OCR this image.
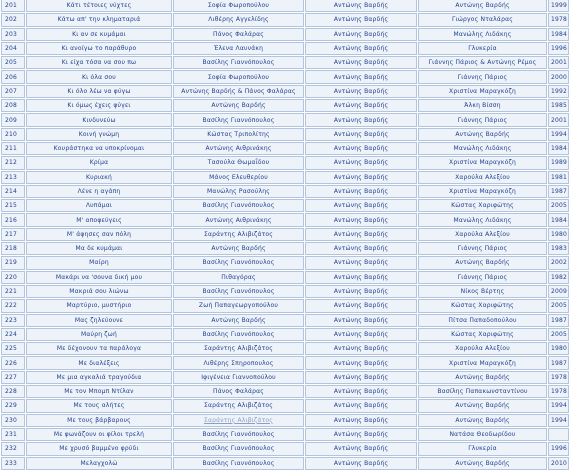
201	Κάτι τέτοιες νύχτες	Σοφία Φωροπούλου	Αντώνης Βαρδής	Αντώνης Βαρδής	1999
202	Κάτω απ' την κληματαριά	Λιθέρης Αγγελίδης	Αντώνης Βαρδής	Γιώργος Νταλάρας	1978
203	Κι αν σε κυμάμαι	Πάνος Φαλάρας	Αντώνης Βαρδής	Μανώλης Λιδάκης	1984
204	Κι ανοίγω το παράθυρο	Έλενα Λαυνάκη	Αντώνης Βαρδής	Γλυκερία	1996
205	Κι είχα τόσα να σου πω	Βασίλης Γιαννόπουλος	Αντώνης Βαρδής	Γιάννης Πάριος & Αντώνης Ρέμος	2001
206	Κι όλα σου	Σοφία Φωροπούλου	Αντώνης Βαρδής	Γιάννης Πάριος	2000
207	Κι όλο λέω να φύγω	Αντώνης Βαρδής & Πάνος Φαλάρας	Αντώνης Βαρδής	Χριστίνα Μαραγκόζη	1992
208	Κι όμως έχεις φύγει	Αντώνης Βαρδής	Αντώνης Βαρδής	Άλκη Βίσση	1985
209	Κινδυνεύω	Βασίλης Γιαννόπουλος	Αντώνης Βαρδής	Γιάννης Πάριος	2001
210	Κοινή γνώμη	Κώστας Τριπολίτης	Αντώνης Βαρδής	Αντώνης Βαρδής	1994
211	Κουράστηκα να υποκρίνομαι	Αντώνης Αιθρινάκης	Αντώνης Βαρδής	Μανώλης Λιδάκης	1984
212	Κρίμα	Τασούλα Θωμαΐδου	Αντώνης Βαρδής	Χριστίνα Μαραγκόζη	1989
213	Κυριακή	Μάνος Ελευθερίου	Αντώνης Βαρδής	Χαρούλα Αλεξίου	1981
214	Λένε η αγάπη	Μανώλης Ρασούλης	Αντώνης Βαρδής	Χριστίνα Μαραγκόζη	1987
215	Λυπάμαι	Βασίλης Γιαννόπουλος	Αντώνης Βαρδής	Κώστας Χαριφώτης	2005
216	Μ' αποφεύγεις	Αντώνης Αιθρινάκης	Αντώνης Βαρδής	Μανώλης Λιδάκης	1984
217	Μ' άφησες σαν πόλη	Σαράντης Αλιβιζάτος	Αντώνης Βαρδής	Χαρούλα Αλεξίου	1980
218	Μα δε κυμάμαι	Αντώνης Βαρδής	Αντώνης Βαρδής	Γιάννης Πάριος	1983
219	Μαίρη	Βασίλης Γιαννόπουλος	Αντώνης Βαρδής	Αντώνης Βαρδής	2002
220	Μακάρι να 'σουνα δική μου	Πιθαγόρας	Αντώνης Βαρδής	Γιάννης Πάριος	1982
221	Μακριά σου λιώνω	Βασίλης Γιαννόπουλος	Αντώνης Βαρδής	Νίκος Βέρτης	2009
222	Μαρτύριο, μυστήριο	Ζωή Παπαγεωργοπούλου	Αντώνης Βαρδής	Κώστας Χαριφώτης	2005
223	Μας ζηλεύουνε	Αντώνης Βαρδής	Αντώνης Βαρδής	Πίτσα Παπαδοπούλου	1987
224	Μαύρη ζωή	Βασίλης Γιαννόπουλος	Αντώνης Βαρδής	Κώστας Χαριφώτης	2005
225	Με δέχονουν τα παράλογα	Σαράντης Αλιβιζάτος	Αντώνης Βαρδής	Χαρούλα Αλεξίου	1980
226	Με διαλέξεις	Λιθέρης Σπηροπουλος	Αντώνης Βαρδής	Χριστίνα Μαραγκόζη	1987
227	Με μια αγκαλιά τραγούδια	Ιφιγένεια Γιαννοπούλου	Αντώνης Βαρδής	Αντώνης Βαρδής	1978
228	Με τον Μπομπ Ντίλαν	Πάνος Φαλάρας	Αντώνης Βαρδής	Βασίλης Παπακωνσταντίνου	1978
229	Με τους αλήτες	Σαράντης Αλιβιζάτος	Αντώνης Βαρδής	Αντώνης Βαρδής	1994
230	Με τους βάρβαρους	Σαράντης Αλιβιζάτος	Αντώνης Βαρδής	Αντώνης Βαρδής	1994
231	Με φωνάζουν οι φίλοι τρελή	Βασίλης Γιαννόπουλος	Αντώνης Βαρδής	Νατάσα Θεοδωρίδου	
232	Με χρυσό βαμμένο φρύδι	Βασίλης Γιαννόπουλος	Αντώνης Βαρδής	Γλυκερία	1996
233	Μελαγχολώ	Βασίλης Γιαννόπουλος	Αντώνης Βαρδής	Αντώνης Βαρδής	2010
